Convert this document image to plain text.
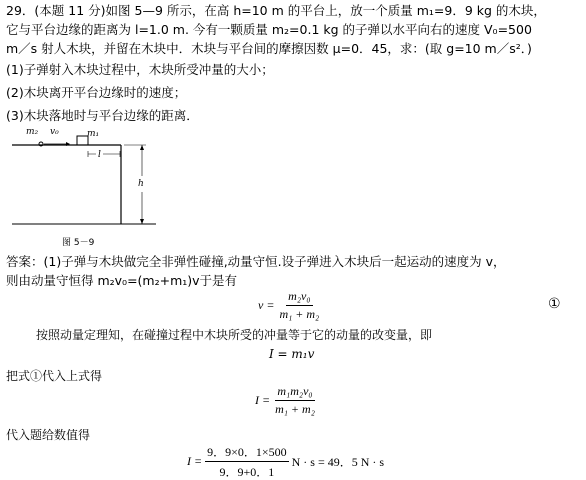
29．(本题 11 分)如图 5—9 所示，在高 h=10 m 的平台上，放一个质量 m₁=9．9 kg 的木块，
它与平台边缘的距离为 l=1.0 m. 今有一颗质量 m₂=0.1 kg 的子弹以水平向右的速度 V₀=500
m／s 射人木块，并留在木块中．木块与平台间的摩擦因数 μ=0．45，求：(取 g=10 m／s²．)
(1)子弹射入木块过程中，木块所受冲量的大小；
(2)木块离开平台边缘时的速度；
(3)木块落地时与平台边缘的距离．
m₂ v₀	m₁
l
h
图 5－9
答案：(1)子弹与木块做完全非弹性碰撞,动量守恒.设子弹进入木块后一起运动的速度为 v，
则由动量守恒得 m₂v₀=(m₂+m₁)v于是有
$v = \frac{\text{m₂v₀}}{\text{m₁ + m₂}}$	①
按照动量定理知，在碰撞过程中木块所受的冲量等于它的动量的改变量，即
I = m₁v
把式①代入上式得
$I = \frac{\text{m₁m₂v₀}}{\text{m₁ + m₂}}$
代入题给数值得
$I = \frac{9.9\times 0.1\times 500}{9.9+0.1}$ N · s = 49．5 N · s
